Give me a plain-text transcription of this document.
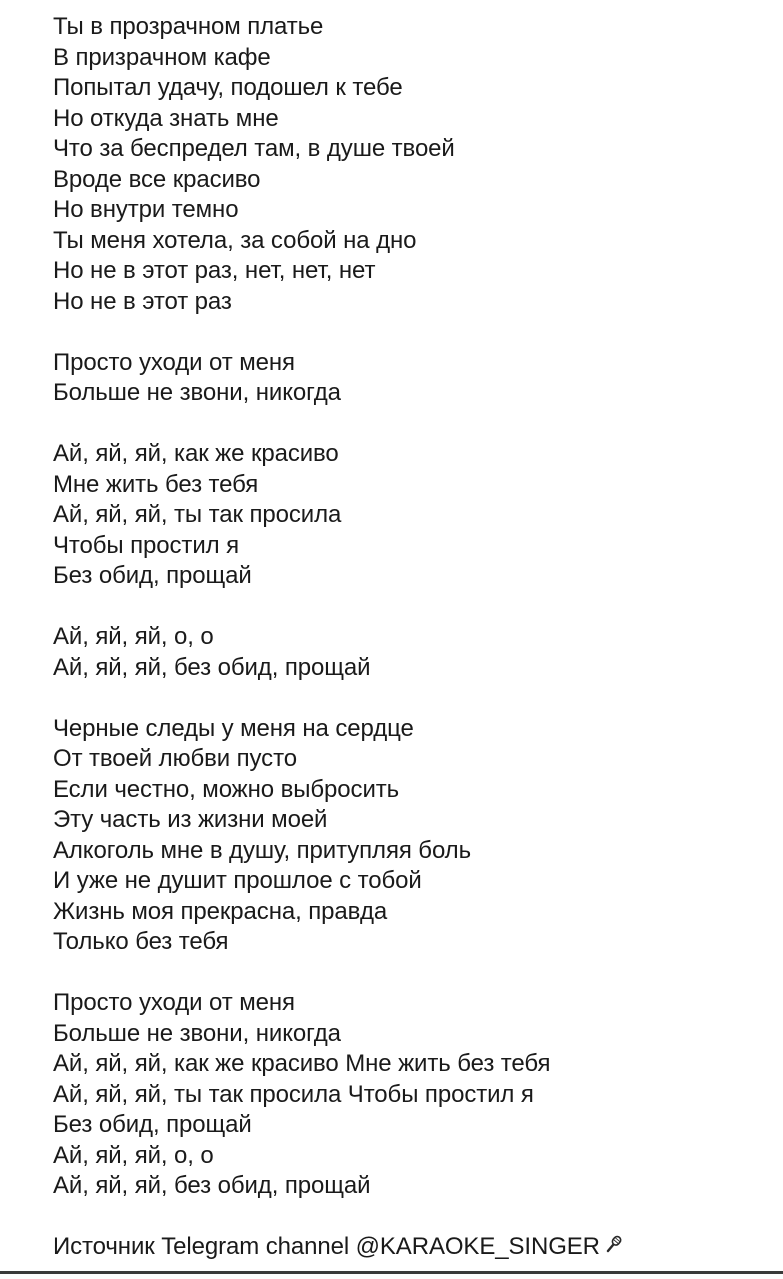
Ты в прозрачном платье
В призрачном кафе
Попытал удачу, подошел к тебе
Но откуда знать мне
Что за беспредел там, в душе твоей
Вроде все красиво
Но внутри темно
Ты меня хотела, за собой на дно
Но не в этот раз, нет, нет, нет
Но не в этот раз
Просто уходи от меня
Больше не звони, никогда
Ай, яй, яй, как же красиво
Мне жить без тебя
Ай, яй, яй, ты так просила
Чтобы простил я
Без обид, прощай
Ай, яй, яй, о, о
Ай, яй, яй, без обид, прощай
Черные следы у меня на сердце
От твоей любви пусто
Если честно, можно выбросить
Эту часть из жизни моей
Алкоголь мне в душу, притупляя боль
И уже не душит прошлое с тобой
Жизнь моя прекрасна, правда
Только без тебя
Просто уходи от меня
Больше не звони, никогда
Ай, яй, яй, как же красиво Мне жить без тебя
Ай, яй, яй, ты так просила Чтобы простил я
Без обид, прощай
Ай, яй, яй, о, о
Ай, яй, яй, без обид, прощай
Источник Telegram channel @KARAOKE_SINGER
